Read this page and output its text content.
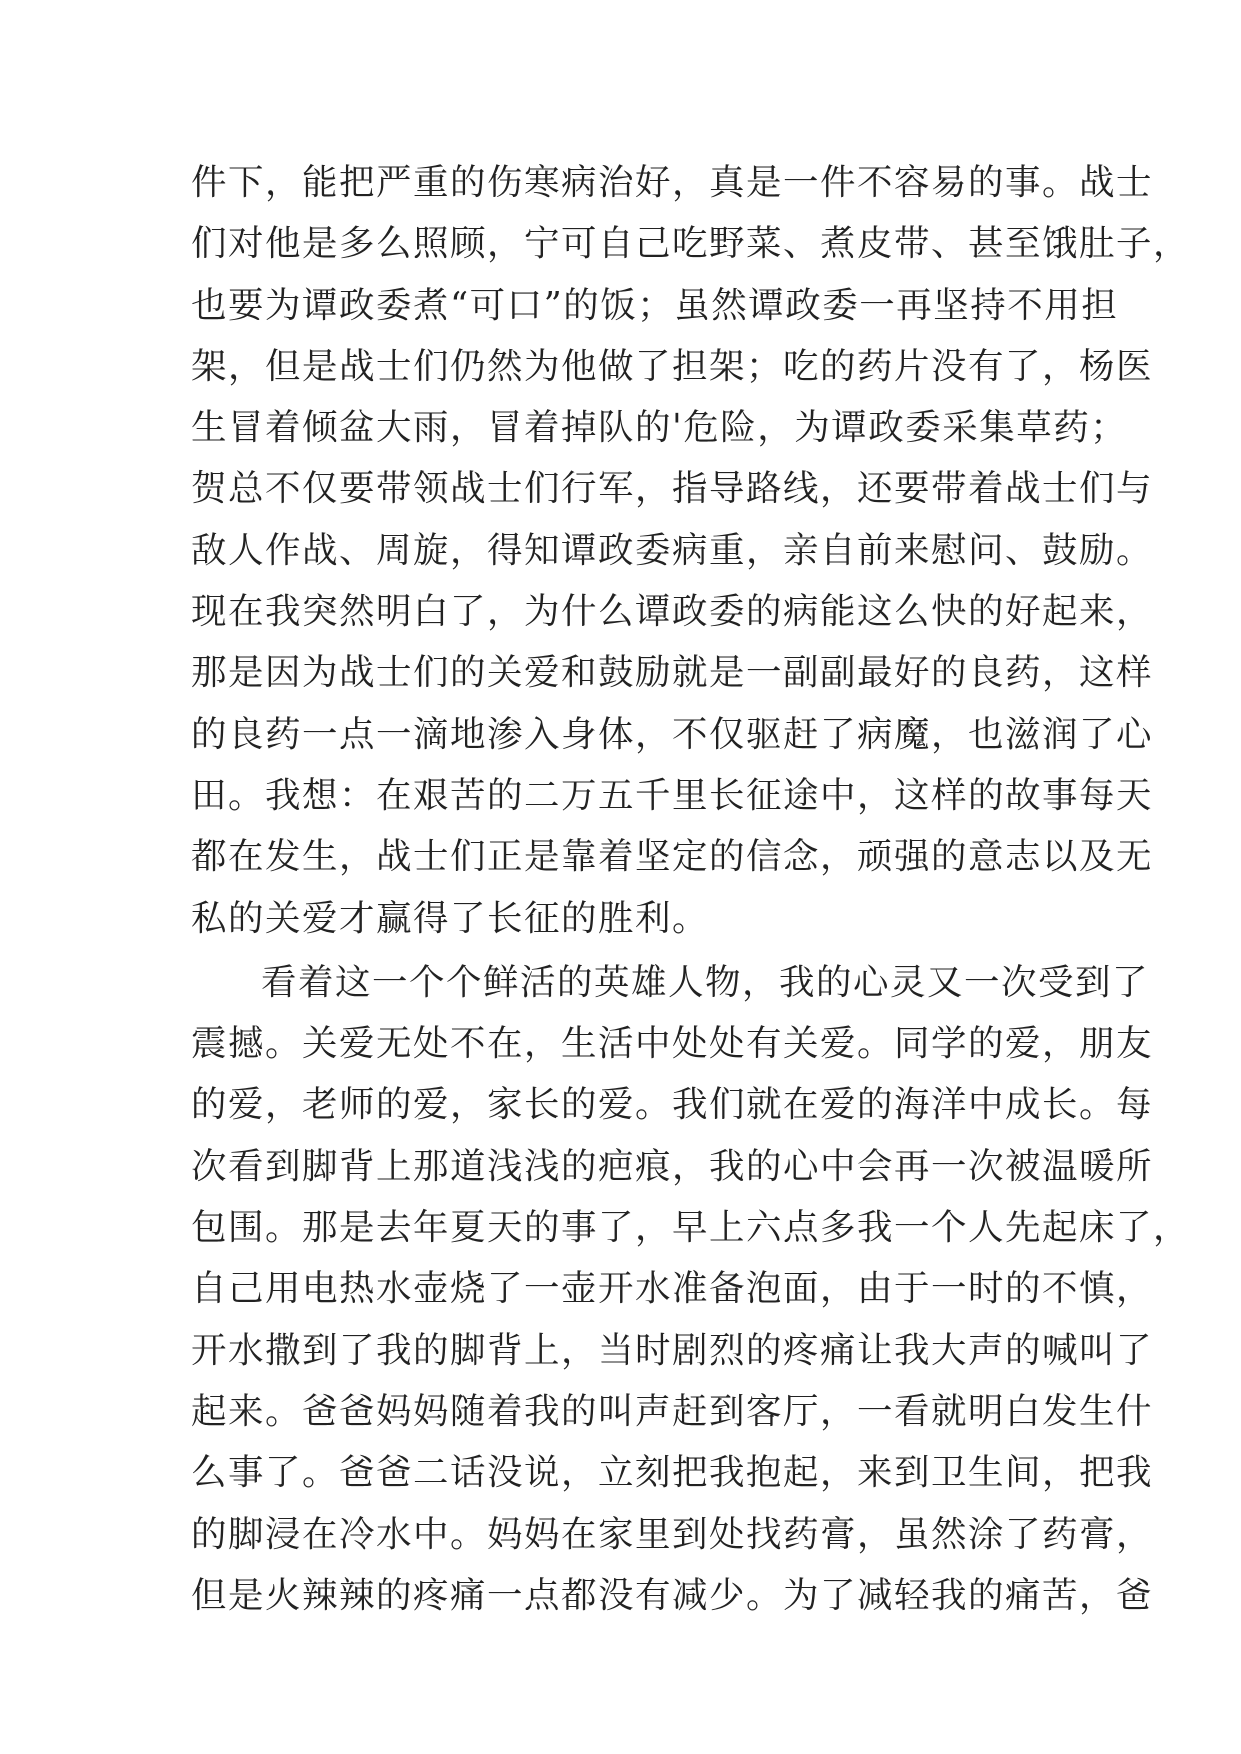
件下，能把严重的伤寒病治好，真是一件不容易的事。战士
们对他是多么照顾，宁可自己吃野菜、煮皮带、甚至饿肚子，
也要为谭政委煮“可口”的饭；虽然谭政委一再坚持不用担
架，但是战士们仍然为他做了担架；吃的药片没有了，杨医
生冒着倾盆大雨，冒着掉队的'危险，为谭政委采集草药；
贺总不仅要带领战士们行军，指导路线，还要带着战士们与
敌人作战、周旋，得知谭政委病重，亲自前来慰问、鼓励。
现在我突然明白了，为什么谭政委的病能这么快的好起来，
那是因为战士们的关爱和鼓励就是一副副最好的良药，这样
的良药一点一滴地渗入身体，不仅驱赶了病魔，也滋润了心
田。我想：在艰苦的二万五千里长征途中，这样的故事每天
都在发生，战士们正是靠着坚定的信念，顽强的意志以及无
私的关爱才赢得了长征的胜利。
看着这一个个鲜活的英雄人物，我的心灵又一次受到了
震撼。关爱无处不在，生活中处处有关爱。同学的爱，朋友
的爱，老师的爱，家长的爱。我们就在爱的海洋中成长。每
次看到脚背上那道浅浅的疤痕，我的心中会再一次被温暖所
包围。那是去年夏天的事了，早上六点多我一个人先起床了，
自己用电热水壶烧了一壶开水准备泡面，由于一时的不慎，
开水撒到了我的脚背上，当时剧烈的疼痛让我大声的喊叫了
起来。爸爸妈妈随着我的叫声赶到客厅，一看就明白发生什
么事了。爸爸二话没说，立刻把我抱起，来到卫生间，把我
的脚浸在冷水中。妈妈在家里到处找药膏，虽然涂了药膏，
但是火辣辣的疼痛一点都没有减少。为了减轻我的痛苦，爸
